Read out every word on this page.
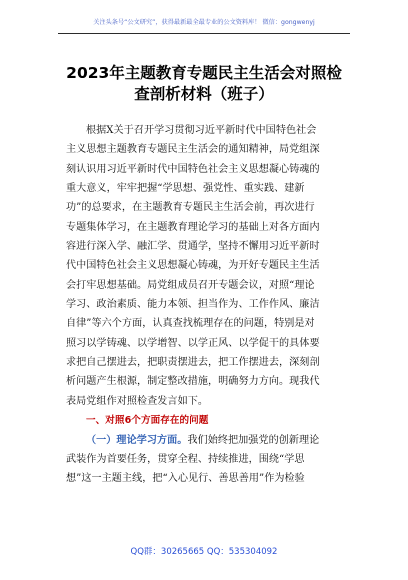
关注头条号“公文研究”，获得最新最全最专业的公文资料库！ 微信：gongwenyj
2023年主题教育专题民主生活会对照检
查剖析材料（班子）
根据X关于召开学习贯彻习近平新时代中国特色社会
主义思想主题教育专题民主生活会的通知精神，局党组深
刻认识用习近平新时代中国特色社会主义思想凝心铸魂的
重大意义，牢牢把握“学思想、强党性、重实践、建新
功”的总要求，在主题教育专题民主生活会前，再次进行
专题集体学习，在主题教育理论学习的基础上对各方面内
容进行深入学、融汇学、贯通学，坚持不懈用习近平新时
代中国特色社会主义思想凝心铸魂，为开好专题民主生活
会打牢思想基础。局党组成员召开专题会议，对照“理论
学习、政治素质、能力本领、担当作为、工作作风、廉洁
自律”等六个方面，认真查找梳理存在的问题，特别是对
照习以学铸魂、以学增智、以学正风、以学促干的具体要
求把自己摆进去，把职责摆进去，把工作摆进去，深刻剖
析问题产生根源，制定整改措施，明确努力方向。现我代
表局党组作对照检查发言如下。
一、对照6个方面存在的问题
（一）理论学习方面。我们始终把加强党的创新理论
武装作为首要任务，贯穿全程、持续推进，围绕“学思
想”这一主题主线，把“入心见行、善思善用”作为检验
QQ群：30265665 QQ：535304092
